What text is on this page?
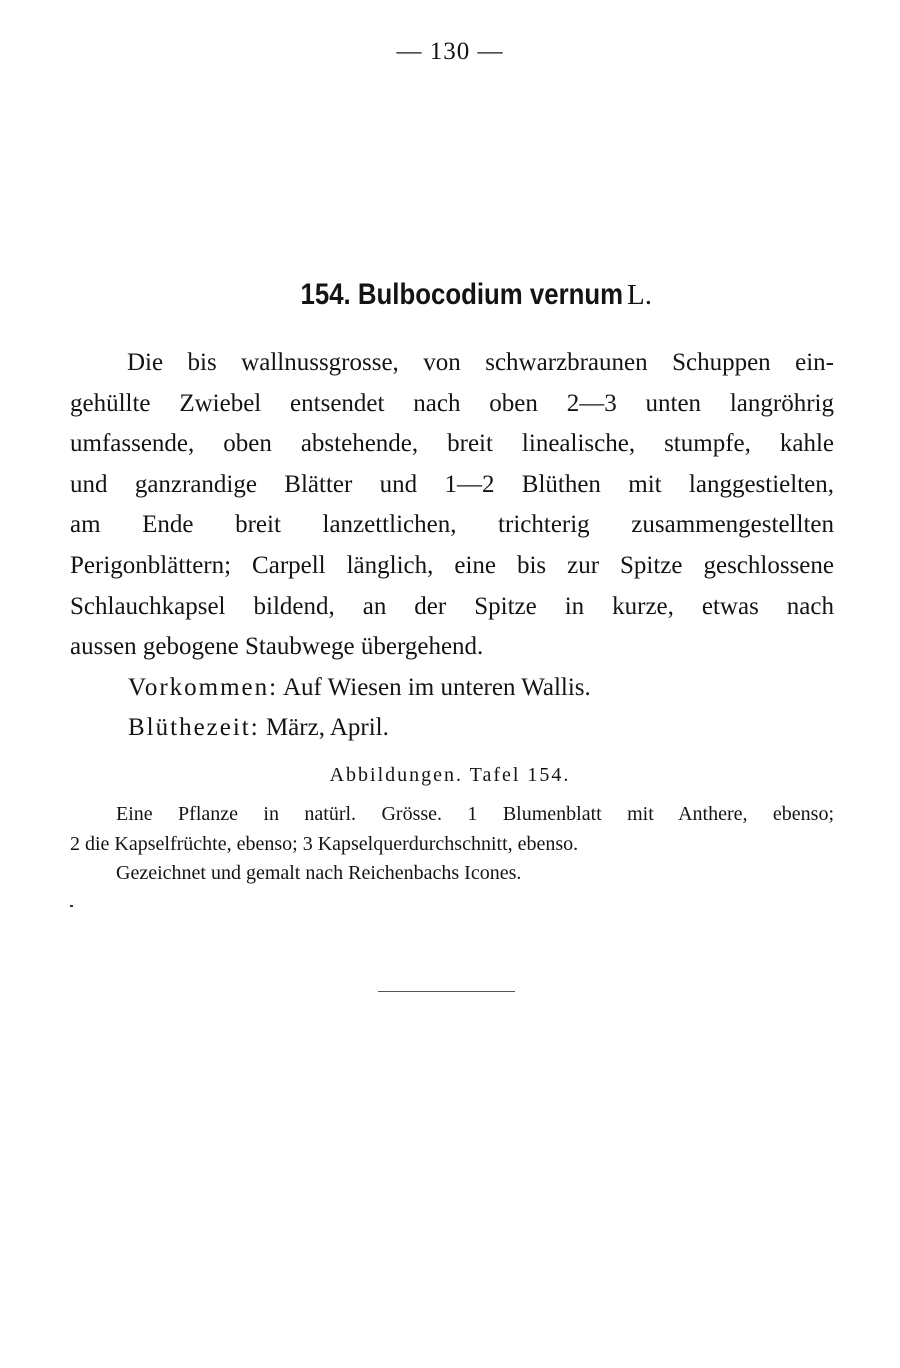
— 130 —
154. Bulbocodium vernum L.
Die bis wallnussgrosse, von schwarzbraunen Schuppen ein-
gehüllte Zwiebel entsendet nach oben 2—3 unten langröhrig
umfassende, oben abstehende, breit linealische, stumpfe, kahle
und ganzrandige Blätter und 1—2 Blüthen mit langgestielten,
am Ende breit lanzettlichen, trichterig zusammengestellten
Perigonblättern; Carpell länglich, eine bis zur Spitze geschlossene
Schlauchkapsel bildend, an der Spitze in kurze, etwas nach
aussen gebogene Staubwege übergehend.
Vorkommen: Auf Wiesen im unteren Wallis.
Blüthezeit: März, April.
Abbildungen. Tafel 154.
Eine Pflanze in natürl. Grösse. 1 Blumenblatt mit Anthere, ebenso;
2 die Kapselfrüchte, ebenso; 3 Kapselquerdurchschnitt, ebenso.
Gezeichnet und gemalt nach Reichenbachs Icones.
